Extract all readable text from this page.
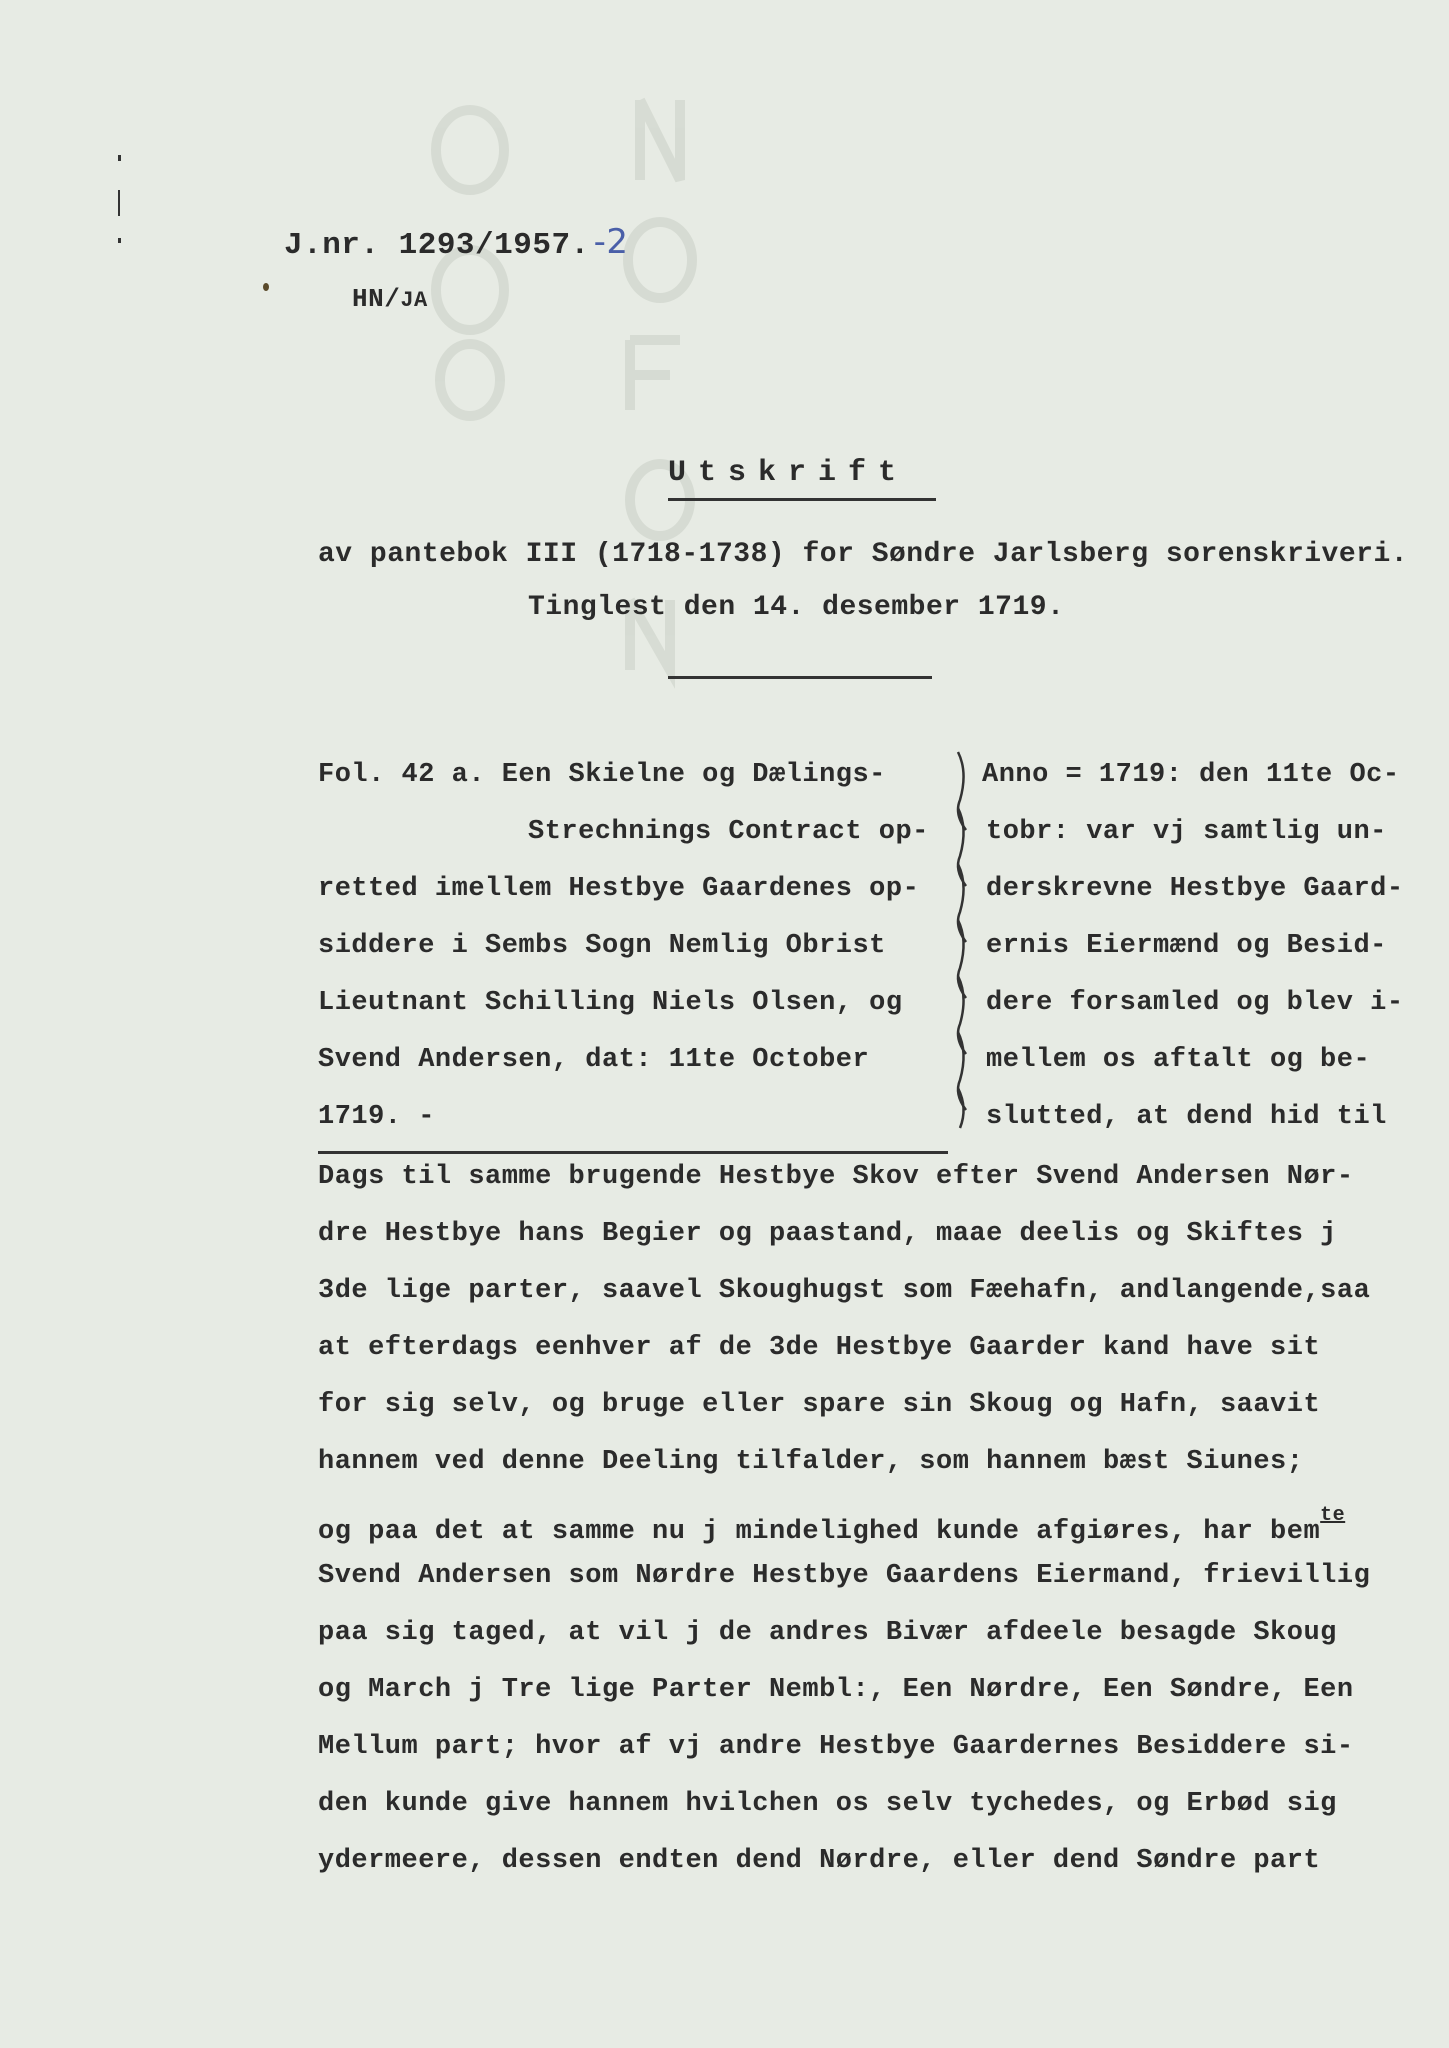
J.nr. 1293/1957. -2
HN/JA
Utskrift
av pantebok III (1718-1738) for Søndre Jarlsberg sorenskriveri.
Tinglest den 14. desember 1719.
Fol. 42 a. Een Skielne og Dælings-
Strechnings Contract op-
retted imellem Hestbye Gaardenes op-
siddere i Sembs Sogn Nemlig Obrist
Lieutnant Schilling Niels Olsen, og
Svend Andersen, dat: 11te October
1719. -
Anno = 1719: den 11te Oc-
tobr: var vj samtlig un-
derskrevne Hestbye Gaard-
ernis Eiermænd og Besid-
dere forsamled og blev i-
mellem os aftalt og be-
slutted, at dend hid til
Dags til samme brugende Hestbye Skov efter Svend Andersen Nør-
dre Hestbye hans Begier og paastand, maae deelis og Skiftes j
3de lige parter, saavel Skoughugst som Fæehafn, andlangende,saa
at efterdags eenhver af de 3de Hestbye Gaarder kand have sit
for sig selv, og bruge eller spare sin Skoug og Hafn, saavit
hannem ved denne Deeling tilfalder, som hannem bæst Siunes;
og paa det at samme nu j mindelighed kunde afgiøres, har bem$^{te}$
Svend Andersen som Nørdre Hestbye Gaardens Eiermand, frievillig
paa sig taged, at vil j de andres Bivær afdeele besagde Skoug
og March j Tre lige Parter Nembl:, Een Nørdre, Een Søndre, Een
Mellum part; hvor af vj andre Hestbye Gaardernes Besiddere si-
den kunde give hannem hvilchen os selv tychedes, og Erbød sig
ydermeere, dessen endten dend Nørdre, eller dend Søndre part
